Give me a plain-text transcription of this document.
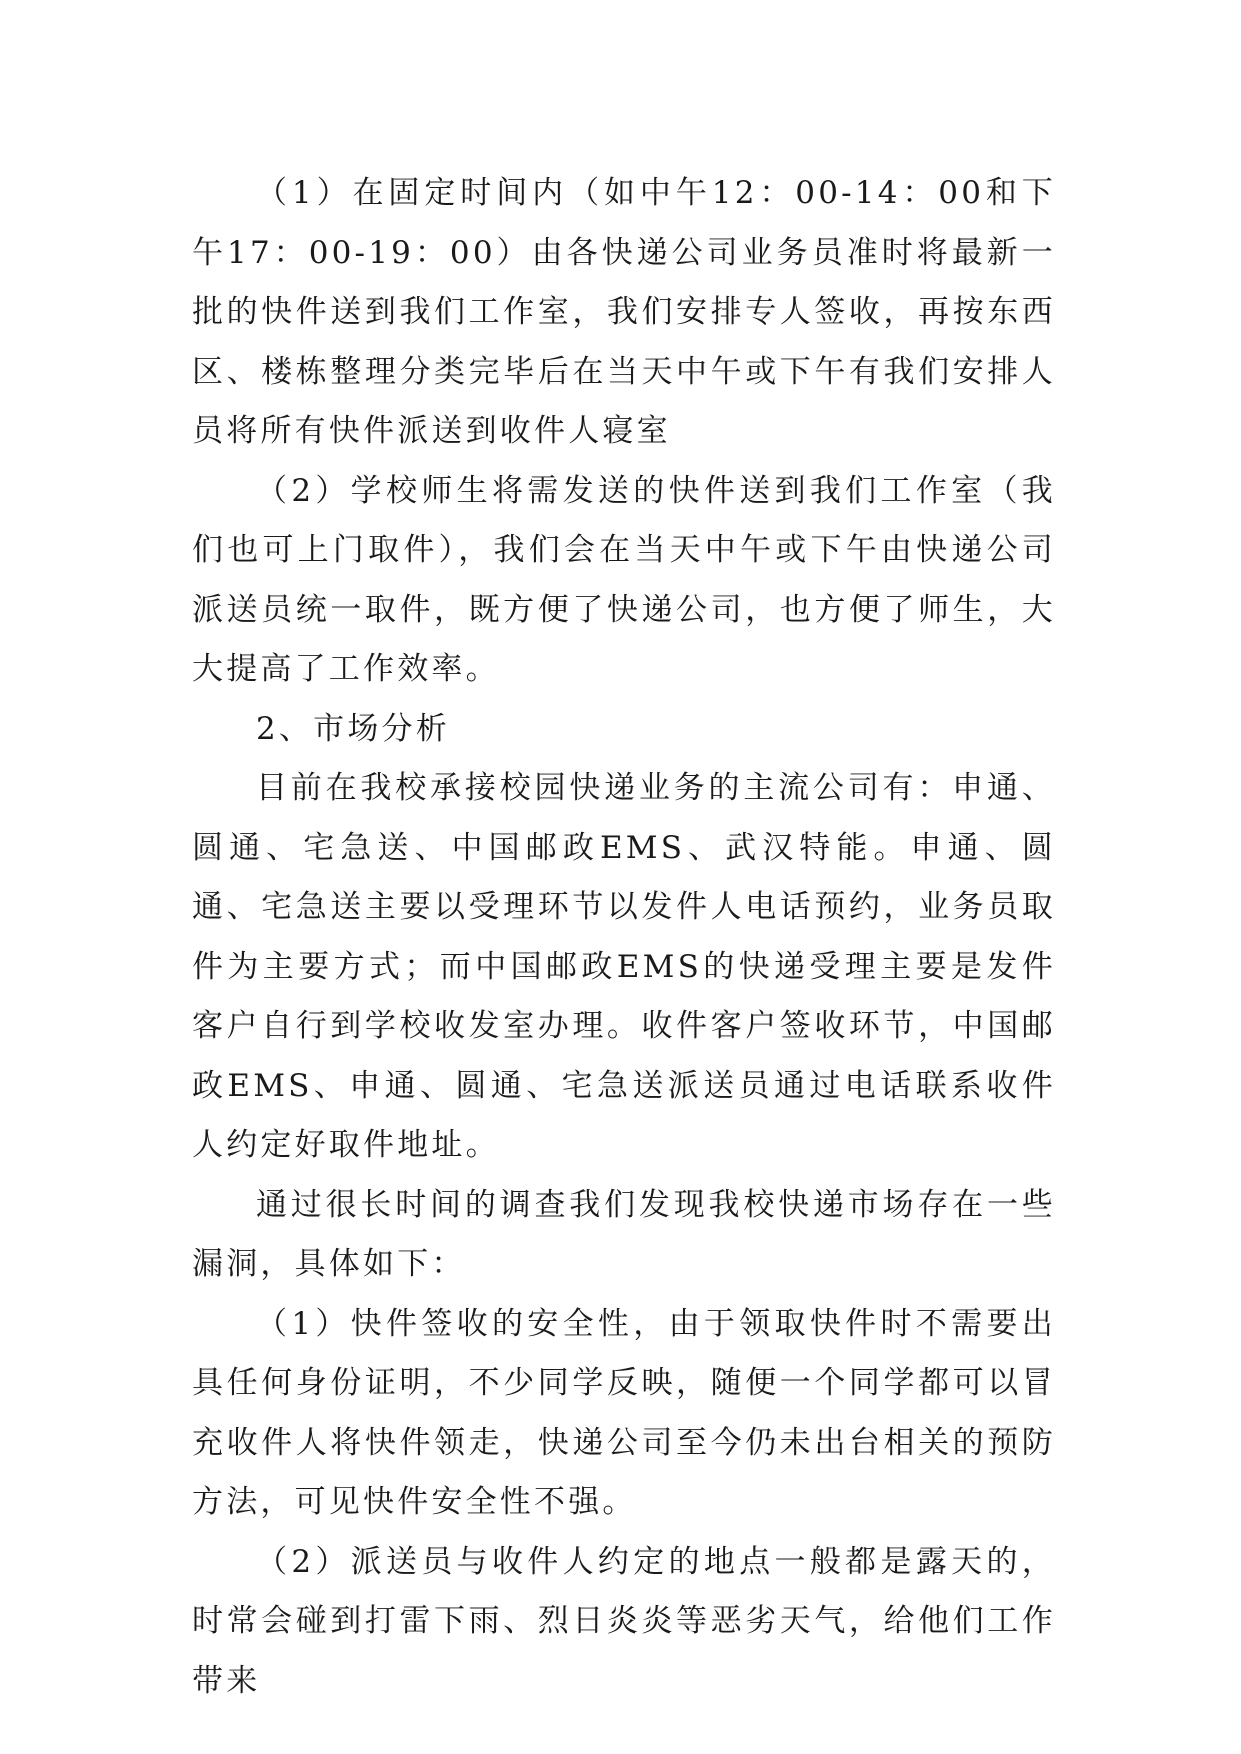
（1）在固定时间内（如中午12：00-14：00和下午17：00-19：00）由各快递公司业务员准时将最新一批的快件送到我们工作室，我们安排专人签收，再按东西区、楼栋整理分类完毕后在当天中午或下午有我们安排人员将所有快件派送到收件人寝室

（2）学校师生将需发送的快件送到我们工作室（我们也可上门取件），我们会在当天中午或下午由快递公司派送员统一取件，既方便了快递公司，也方便了师生，大大提高了工作效率。

2、市场分析

目前在我校承接校园快递业务的主流公司有：申通、圆通、宅急送、中国邮政EMS、武汉特能。申通、圆通、宅急送主要以受理环节以发件人电话预约，业务员取件为主要方式；而中国邮政EMS的快递受理主要是发件客户自行到学校收发室办理。收件客户签收环节，中国邮政EMS、申通、圆通、宅急送派送员通过电话联系收件人约定好取件地址。

通过很长时间的调查我们发现我校快递市场存在一些漏洞，具体如下：

（1）快件签收的安全性，由于领取快件时不需要出具任何身份证明，不少同学反映，随便一个同学都可以冒充收件人将快件领走，快递公司至今仍未出台相关的预防方法，可见快件安全性不强。

（2）派送员与收件人约定的地点一般都是露天的，时常会碰到打雷下雨、烈日炎炎等恶劣天气，给他们工作带来
